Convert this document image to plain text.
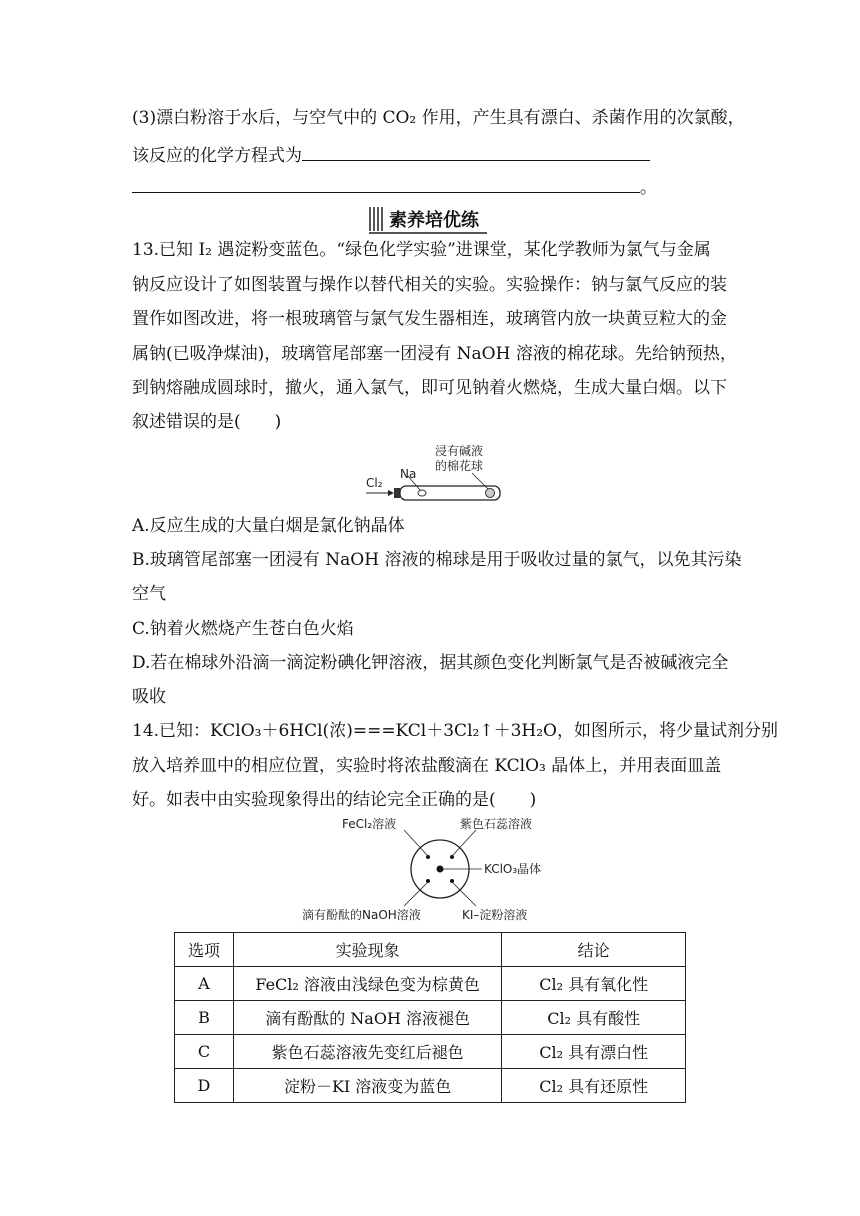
(3)漂白粉溶于水后，与空气中的 CO₂ 作用，产生具有漂白、杀菌作用的次氯酸，
该反应的化学方程式为
。
素养培优练
13.已知 I₂ 遇淀粉变蓝色。“绿色化学实验”进课堂，某化学教师为氯气与金属
钠反应设计了如图装置与操作以替代相关的实验。实验操作：钠与氯气反应的装
置作如图改进，将一根玻璃管与氯气发生器相连，玻璃管内放一块黄豆粒大的金
属钠(已吸净煤油)，玻璃管尾部塞一团浸有 NaOH 溶液的棉花球。先给钠预热，
到钠熔融成圆球时，撤火，通入氯气，即可见钠着火燃烧，生成大量白烟。以下
叙述错误的是(　　)
浸有碱液
的棉花球
Na
Cl₂
A.反应生成的大量白烟是氯化钠晶体
B.玻璃管尾部塞一团浸有 NaOH 溶液的棉球是用于吸收过量的氯气，以免其污染
空气
C.钠着火燃烧产生苍白色火焰
D.若在棉球外沿滴一滴淀粉碘化钾溶液，据其颜色变化判断氯气是否被碱液完全
吸收
14.已知：KClO₃＋6HCl(浓)===KCl＋3Cl₂↑＋3H₂O，如图所示，将少量试剂分别
放入培养皿中的相应位置，实验时将浓盐酸滴在 KClO₃ 晶体上，并用表面皿盖
好。如表中由实验现象得出的结论完全正确的是(　　)
FeCl₂溶液	紫色石蕊溶液
KClO₃晶体
滴有酚酞的NaOH溶液	KI–淀粉溶液
选项	实验现象	结论
A	FeCl₂ 溶液由浅绿色变为棕黄色	Cl₂ 具有氧化性
B	滴有酚酞的 NaOH 溶液褪色	Cl₂ 具有酸性
C	紫色石蕊溶液先变红后褪色	Cl₂ 具有漂白性
D	淀粉－KI 溶液变为蓝色	Cl₂ 具有还原性
